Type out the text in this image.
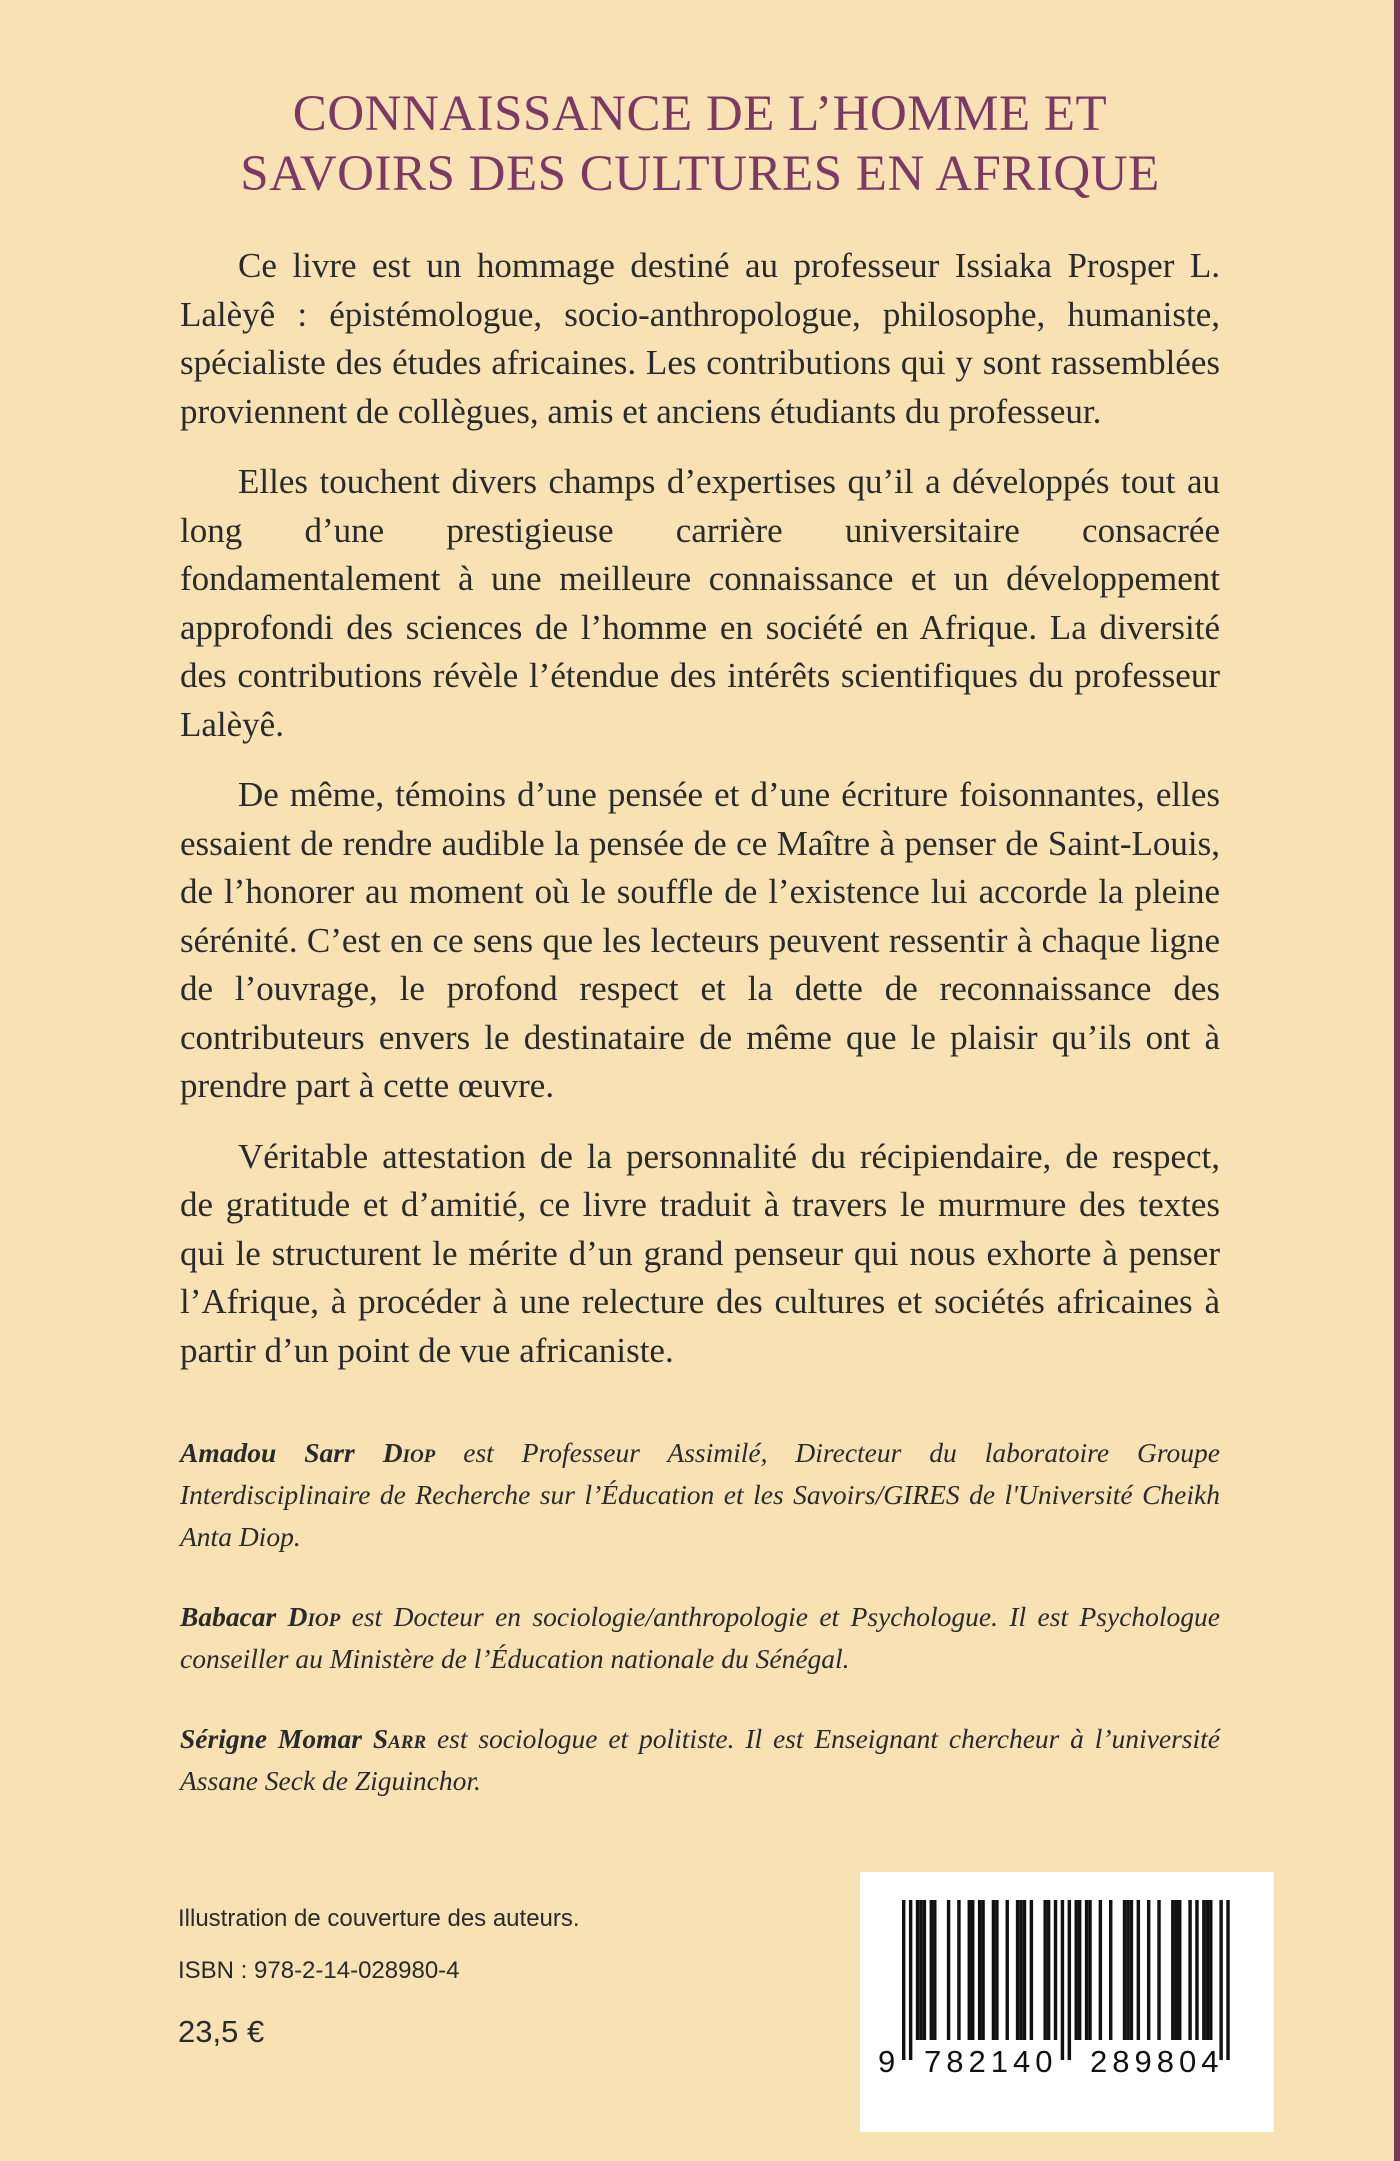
CONNAISSANCE DE L’HOMME ET
SAVOIRS DES CULTURES EN AFRIQUE

Ce livre est un hommage destiné au professeur Issiaka Prosper L. Lalèyê : épistémologue, socio-anthropologue, philosophe, humaniste, spécialiste des études africaines. Les contributions qui y sont rassemblées proviennent de collègues, amis et anciens étudiants du professeur.

Elles touchent divers champs d’expertises qu’il a développés tout au long d’une prestigieuse carrière universitaire consacrée fondamentalement à une meilleure connaissance et un développement approfondi des sciences de l’homme en société en Afrique. La diversité des contributions révèle l’étendue des intérêts scientifiques du professeur Lalèyê.

De même, témoins d’une pensée et d’une écriture foisonnantes, elles essaient de rendre audible la pensée de ce Maître à penser de Saint-Louis, de l’honorer au moment où le souffle de l’existence lui accorde la pleine sérénité. C’est en ce sens que les lecteurs peuvent ressentir à chaque ligne de l’ouvrage, le profond respect et la dette de reconnaissance des contributeurs envers le destinataire de même que le plaisir qu’ils ont à prendre part à cette œuvre.

Véritable attestation de la personnalité du récipiendaire, de respect, de gratitude et d’amitié, ce livre traduit à travers le murmure des textes qui le structurent le mérite d’un grand penseur qui nous exhorte à penser l’Afrique, à procéder à une relecture des cultures et sociétés africaines à partir d’un point de vue africaniste.

Amadou Sarr Diop est Professeur Assimilé, Directeur du laboratoire Groupe Interdisciplinaire de Recherche sur l’Éducation et les Savoirs/GIRES de l'Université Cheikh Anta Diop.

Babacar Diop est Docteur en sociologie/anthropologie et Psychologue. Il est Psychologue conseiller au Ministère de l’Éducation nationale du Sénégal.

Sérigne Momar Sarr est sociologue et politiste. Il est Enseignant chercheur à l’université Assane Seck de Ziguinchor.

Illustration de couverture des auteurs.
ISBN : 978-2-14-028980-4
23,5 €
9 782140 289804
